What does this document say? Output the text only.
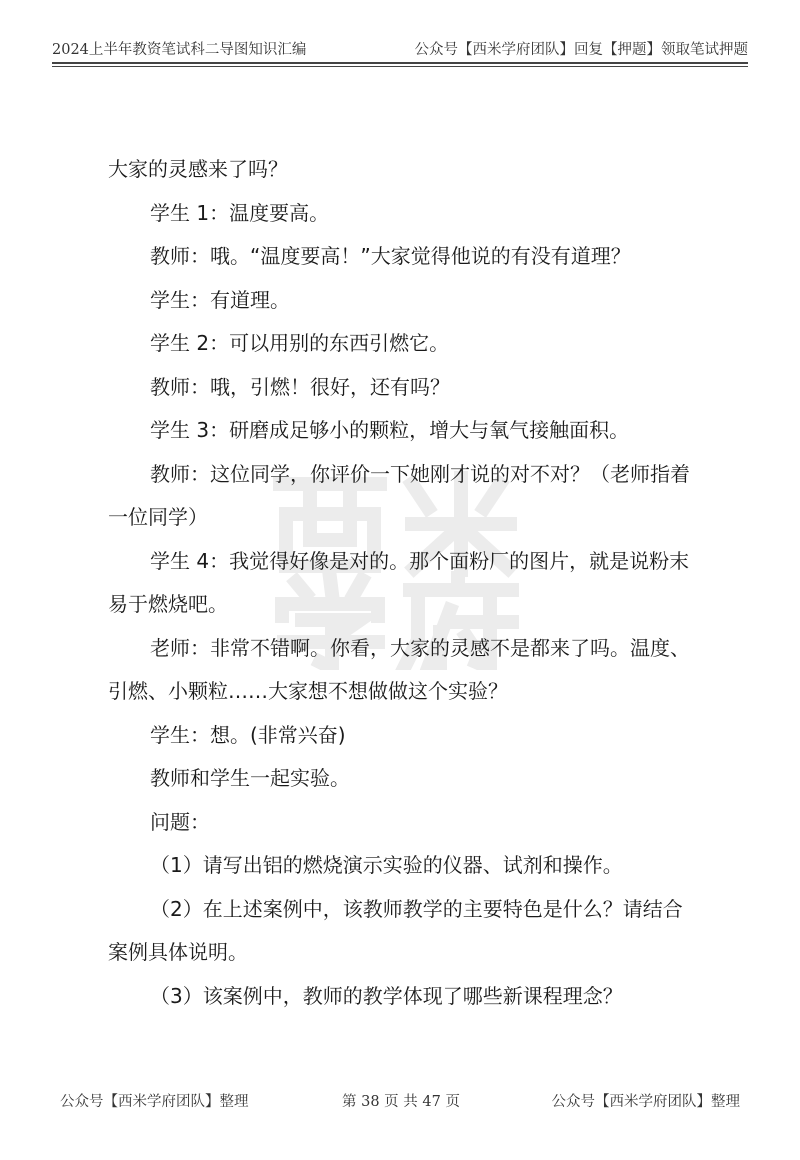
2024上半年教资笔试科二导图知识汇编	公众号【西米学府团队】回复【押题】领取笔试押题

大家的灵感来了吗？

学生 1：温度要高。

教师：哦。“温度要高！”大家觉得他说的有没有道理？

学生：有道理。

学生 2：可以用别的东西引燃它。

教师：哦，引燃！很好，还有吗？

学生 3：研磨成足够小的颗粒，增大与氧气接触面积。

教师：这位同学，你评价一下她刚才说的对不对？（老师指着一位同学）

学生 4：我觉得好像是对的。那个面粉厂的图片，就是说粉末易于燃烧吧。

老师：非常不错啊。你看，大家的灵感不是都来了吗。温度、引燃、小颗粒……大家想不想做做这个实验？

学生：想。(非常兴奋)

教师和学生一起实验。

问题：

（1）请写出铝的燃烧演示实验的仪器、试剂和操作。

（2）在上述案例中，该教师教学的主要特色是什么？请结合案例具体说明。

（3）该案例中，教师的教学体现了哪些新课程理念？

公众号【西米学府团队】整理	第 38 页 共 47 页	公众号【西米学府团队】整理
